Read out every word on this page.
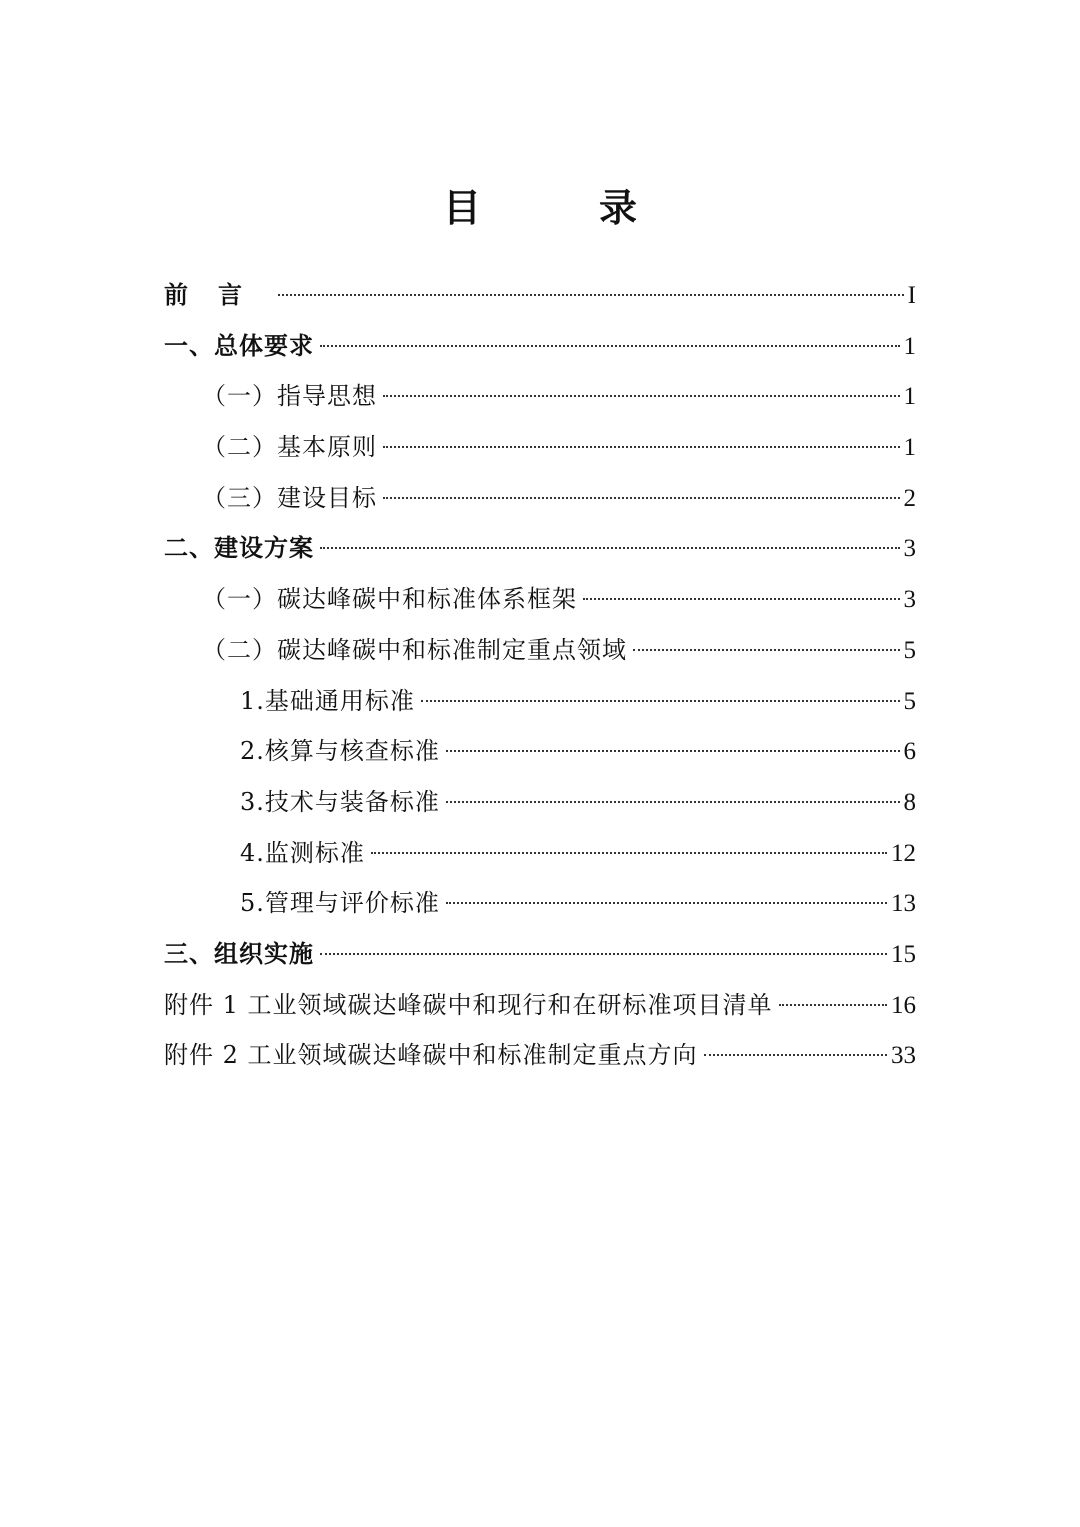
目　录
前言	I
一、总体要求	1
（一）指导思想	1
（二）基本原则	1
（三）建设目标	2
二、建设方案	3
（一）碳达峰碳中和标准体系框架	3
（二）碳达峰碳中和标准制定重点领域	5
1.基础通用标准	5
2.核算与核查标准	6
3.技术与装备标准	8
4.监测标准	12
5.管理与评价标准	13
三、组织实施	15
附件 1 工业领域碳达峰碳中和现行和在研标准项目清单	16
附件 2 工业领域碳达峰碳中和标准制定重点方向	33
